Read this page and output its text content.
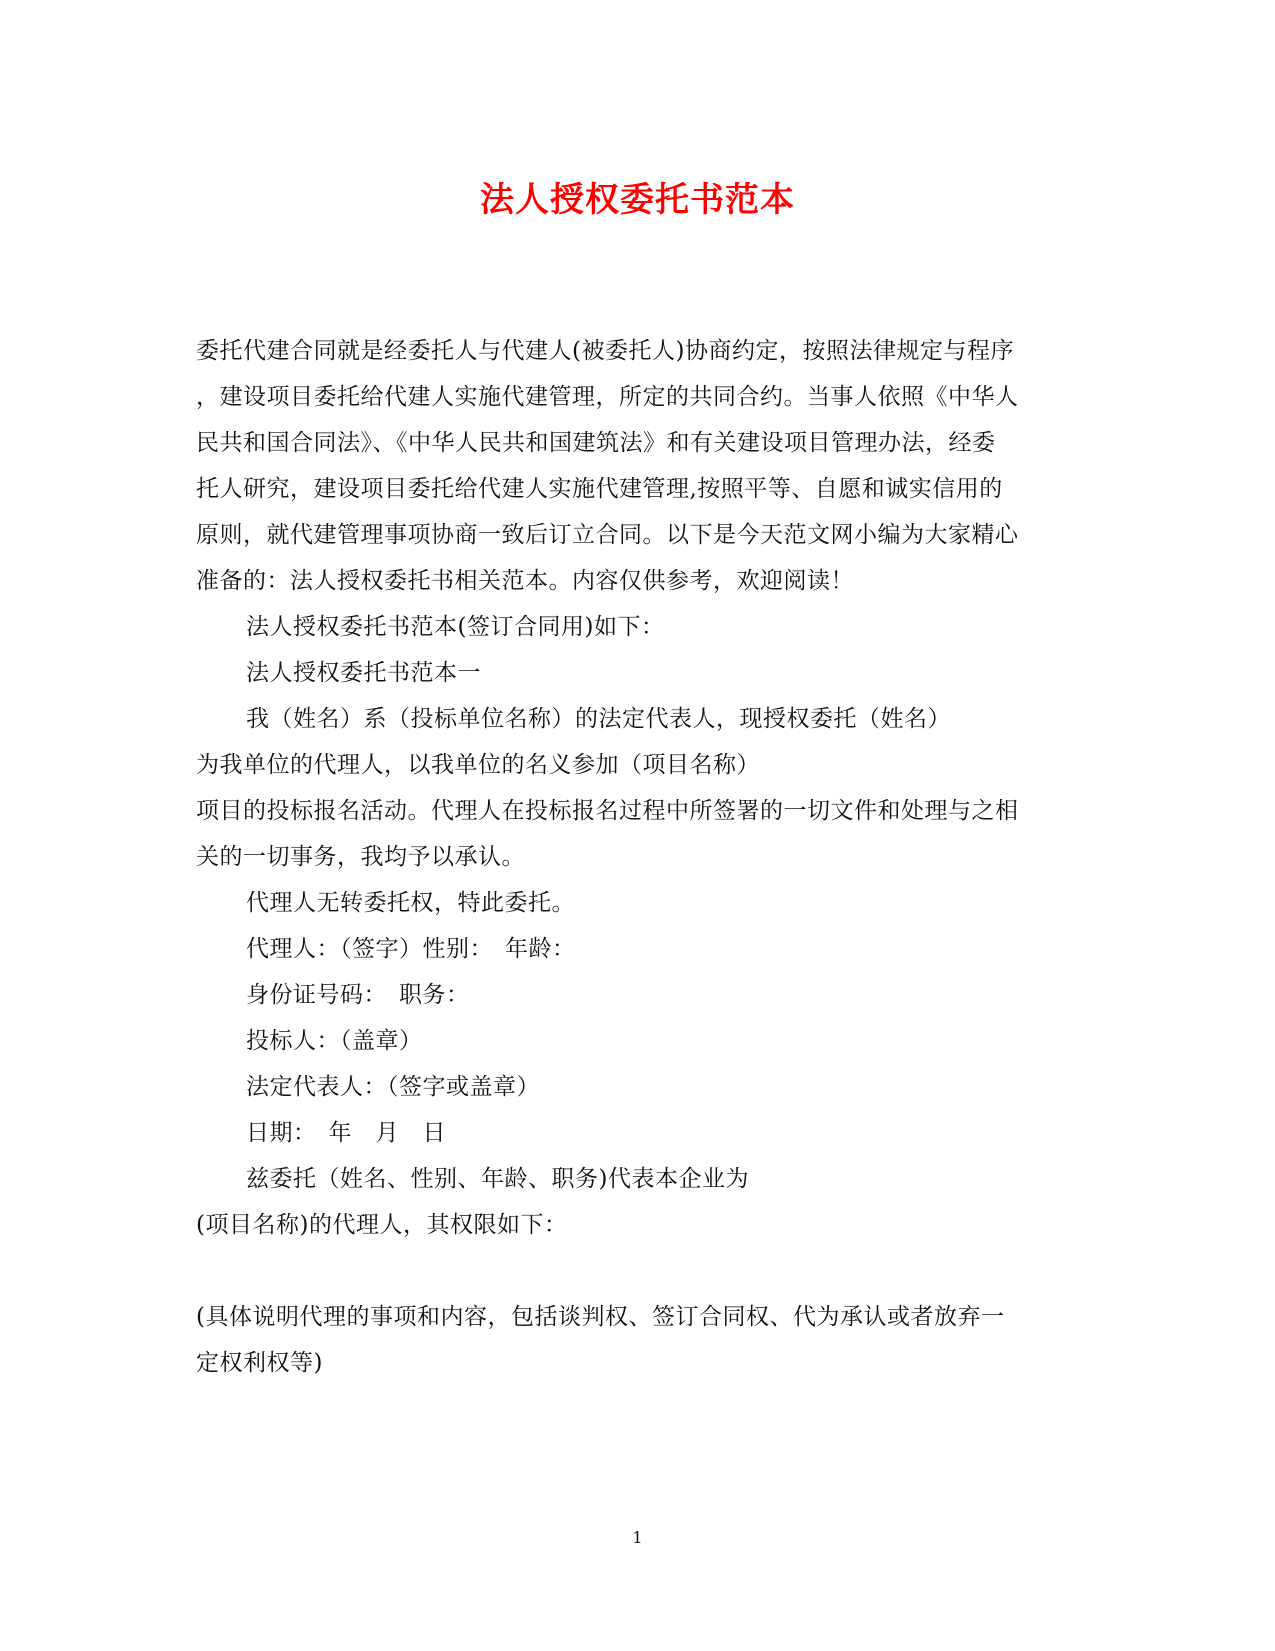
法人授权委托书范本
委托代建合同就是经委托人与代建人(被委托人)协商约定，按照法律规定与程序
，建设项目委托给代建人实施代建管理，所定的共同合约。当事人依照《中华人
民共和国合同法》、《中华人民共和国建筑法》和有关建设项目管理办法，经委
托人研究，建设项目委托给代建人实施代建管理,按照平等、自愿和诚实信用的
原则，就代建管理事项协商一致后订立合同。以下是今天范文网小编为大家精心
准备的：法人授权委托书相关范本。内容仅供参考，欢迎阅读！
法人授权委托书范本(签订合同用)如下：
法人授权委托书范本一
我（姓名）系（投标单位名称）的法定代表人，现授权委托（姓名）
为我单位的代理人，以我单位的名义参加（项目名称）
项目的投标报名活动。代理人在投标报名过程中所签署的一切文件和处理与之相
关的一切事务，我均予以承认。
代理人无转委托权，特此委托。
代理人：（签字）性别：　年龄：
身份证号码：　职务：
投标人：（盖章）
法定代表人：（签字或盖章）
日期：　年　月　日
兹委托（姓名、性别、年龄、职务)代表本企业为
(项目名称)的代理人，其权限如下：
(具体说明代理的事项和内容，包括谈判权、签订合同权、代为承认或者放弃一
定权利权等)
1
